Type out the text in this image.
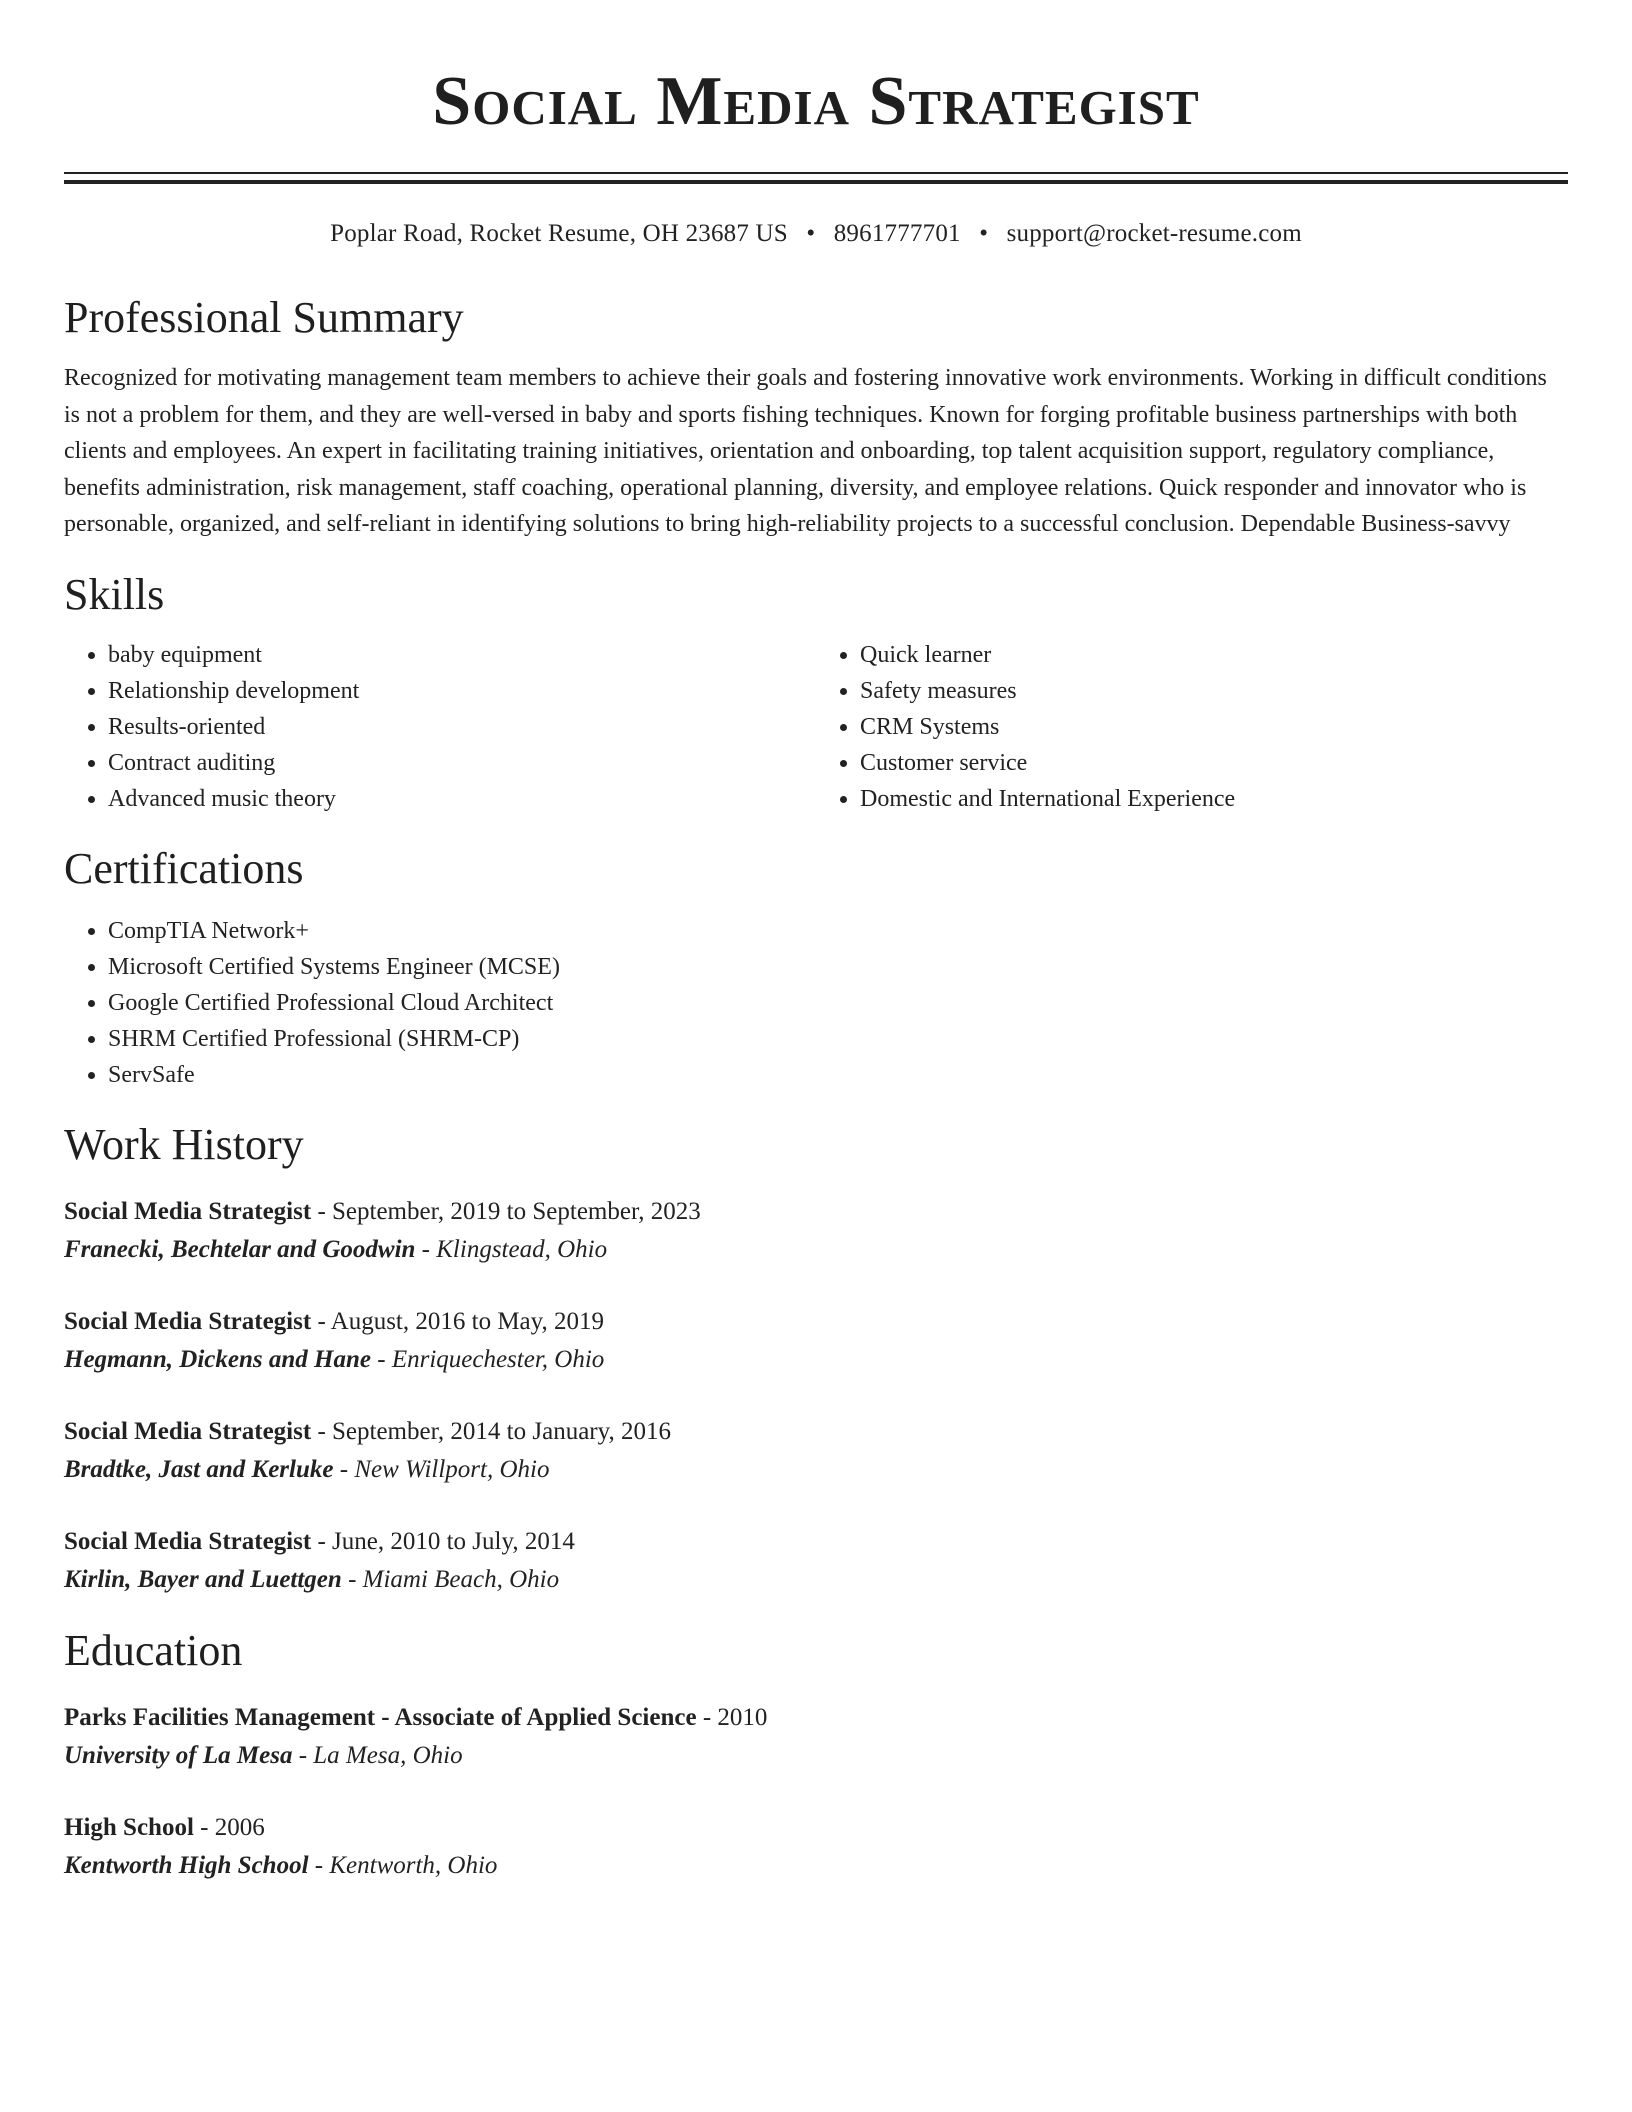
Social Media Strategist
Poplar Road, Rocket Resume, OH 23687 US • 8961777701 • support@rocket-resume.com
Professional Summary

Recognized for motivating management team members to achieve their goals and fostering innovative work environments. Working in difficult conditions is not a problem for them, and they are well-versed in baby and sports fishing techniques. Known for forging profitable business partnerships with both clients and employees. An expert in facilitating training initiatives, orientation and onboarding, top talent acquisition support, regulatory compliance, benefits administration, risk management, staff coaching, operational planning, diversity, and employee relations. Quick responder and innovator who is personable, organized, and self-reliant in identifying solutions to bring high-reliability projects to a successful conclusion. Dependable Business-savvy

Skills
• baby equipment
• Relationship development
• Results-oriented
• Contract auditing
• Advanced music theory
• Quick learner
• Safety measures
• CRM Systems
• Customer service
• Domestic and International Experience
Certifications
• CompTIA Network+
• Microsoft Certified Systems Engineer (MCSE)
• Google Certified Professional Cloud Architect
• SHRM Certified Professional (SHRM-CP)
• ServSafe
Work History
Social Media Strategist - September, 2019 to September, 2023
Franecki, Bechtelar and Goodwin - Klingstead, Ohio
Social Media Strategist - August, 2016 to May, 2019
Hegmann, Dickens and Hane - Enriquechester, Ohio
Social Media Strategist - September, 2014 to January, 2016
Bradtke, Jast and Kerluke - New Willport, Ohio
Social Media Strategist - June, 2010 to July, 2014
Kirlin, Bayer and Luettgen - Miami Beach, Ohio
Education
Parks Facilities Management - Associate of Applied Science - 2010
University of La Mesa - La Mesa, Ohio
High School - 2006
Kentworth High School - Kentworth, Ohio
